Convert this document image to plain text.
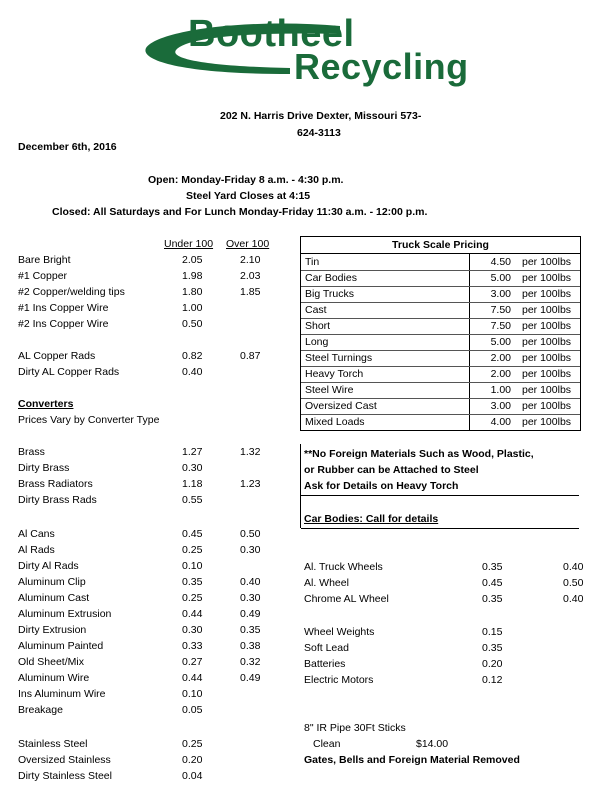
Bootheel
Recycling
202 N. Harris Drive Dexter, Missouri 573-
624-3113
December 6th, 2016
Open: Monday-Friday 8 a.m. - 4:30 p.m.
Steel Yard Closes at 4:15
Closed: All Saturdays and For Lunch Monday-Friday 11:30 a.m. - 12:00 p.m.
Under 100 Over 100
Bare Bright	2.05	2.10
#1 Copper	1.98	2.03
#2 Copper/welding tips	1.80	1.85
#1 Ins Copper Wire	1.00
#2 Ins Copper Wire	0.50
AL Copper Rads	0.82	0.87
Dirty AL Copper Rads	0.40
Converters
Prices Vary by Converter Type
Brass	1.27	1.32
Dirty Brass	0.30
Brass Radiators	1.18	1.23
Dirty Brass Rads	0.55
Al Cans	0.45	0.50
Al Rads	0.25	0.30
Dirty Al Rads	0.10
Aluminum Clip	0.35	0.40
Aluminum Cast	0.25	0.30
Aluminum Extrusion	0.44	0.49
Dirty Extrusion	0.30	0.35
Aluminum Painted	0.33	0.38
Old Sheet/Mix	0.27	0.32
Aluminum Wire	0.44	0.49
Ins Aluminum Wire	0.10
Breakage	0.05
Stainless Steel	0.25
Oversized Stainless	0.20
Dirty Stainless Steel	0.04
Truck Scale Pricing
Tin	4.50 per 100lbs
Car Bodies	5.00 per 100lbs
Big Trucks	3.00 per 100lbs
Cast	7.50 per 100lbs
Short	7.50 per 100lbs
Long	5.00 per 100lbs
Steel Turnings	2.00 per 100lbs
Heavy Torch	2.00 per 100lbs
Steel Wire	1.00 per 100lbs
Oversized Cast	3.00 per 100lbs
Mixed Loads	4.00 per 100lbs
**No Foreign Materials Such as Wood, Plastic,
or Rubber can be Attached to Steel
Ask for Details on Heavy Torch
Car Bodies: Call for details
Al. Truck Wheels	0.35	0.40
Al. Wheel	0.45	0.50
Chrome AL Wheel	0.35	0.40
Wheel Weights	0.15
Soft Lead	0.35
Batteries	0.20
Electric Motors	0.12
8" IR Pipe 30Ft Sticks
Clean	$14.00
Gates, Bells and Foreign Material Removed
